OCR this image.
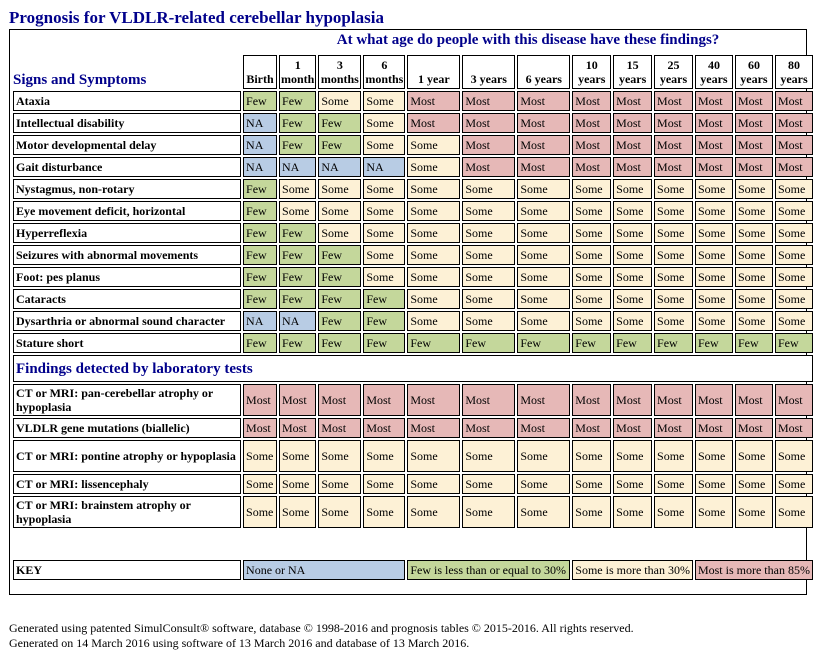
Prognosis for VLDLR-related cerebellar hypoplasia
	At what age do people with this disease have these findings?												
Signs and Symptoms	Birth	1 month	3 months	6 months	1 year	3 years	6 years	10 years	15 years	25 years	40 years	60 years	80 years
Ataxia	Few	Few	Some	Some	Most	Most	Most	Most	Most	Most	Most	Most	Most
Intellectual disability	NA	Few	Few	Some	Most	Most	Most	Most	Most	Most	Most	Most	Most
Motor developmental delay	NA	Few	Few	Some	Some	Most	Most	Most	Most	Most	Most	Most	Most
Gait disturbance	NA	NA	NA	NA	Some	Most	Most	Most	Most	Most	Most	Most	Most
Nystagmus, non-rotary	Few	Some	Some	Some	Some	Some	Some	Some	Some	Some	Some	Some	Some
Eye movement deficit, horizontal	Few	Some	Some	Some	Some	Some	Some	Some	Some	Some	Some	Some	Some
Hyperreflexia	Few	Few	Some	Some	Some	Some	Some	Some	Some	Some	Some	Some	Some
Seizures with abnormal movements	Few	Few	Few	Some	Some	Some	Some	Some	Some	Some	Some	Some	Some
Foot: pes planus	Few	Few	Few	Some	Some	Some	Some	Some	Some	Some	Some	Some	Some
Cataracts	Few	Few	Few	Few	Some	Some	Some	Some	Some	Some	Some	Some	Some
Dysarthria or abnormal sound character	NA	NA	Few	Few	Some	Some	Some	Some	Some	Some	Some	Some	Some
Stature short	Few	Few	Few	Few	Few	Few	Few	Few	Few	Few	Few	Few	Few
Findings detected by laboratory tests													
CT or MRI: pan-cerebellar atrophy or hypoplasia	Most	Most	Most	Most	Most	Most	Most	Most	Most	Most	Most	Most	Most
VLDLR gene mutations (biallelic)	Most	Most	Most	Most	Most	Most	Most	Most	Most	Most	Most	Most	Most
CT or MRI: pontine atrophy or hypoplasia	Some	Some	Some	Some	Some	Some	Some	Some	Some	Some	Some	Some	Some
CT or MRI: lissencephaly	Some	Some	Some	Some	Some	Some	Some	Some	Some	Some	Some	Some	Some
CT or MRI: brainstem atrophy or hypoplasia	Some	Some	Some	Some	Some	Some	Some	Some	Some	Some	Some	Some	Some

KEY	None or NA				Few is less than or equal to 30%			Some is more than 30%			Most is more than 85%		
Generated using patented SimulConsult® software, database © 1998-2016 and prognosis tables © 2015-2016. All rights reserved.
Generated on 14 March 2016 using software of 13 March 2016 and database of 13 March 2016.
